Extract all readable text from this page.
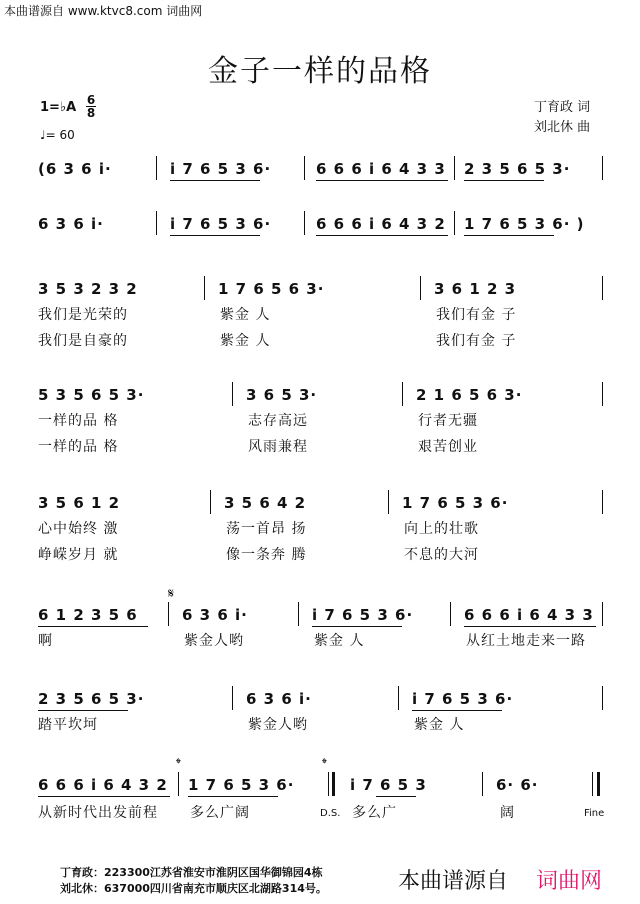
本曲谱源自 www.ktvc8.com 词曲网
金子一样的品格
1=♭A 6
8
♩= 60
丁育政 词
刘北休 曲
(6 3 6 i·	i 7 6 5 3 6·	6 6 6 i 6 4 3 3 2 3 5 6 5 3·
6 3 6 i·	i 7 6 5 3 6·	6 6 6 i 6 4 3 2 1 7 6 5 3 6· )
3 5 3 2 3 2	1 7 6 5 6 3·	3 6 1 2 3
我们是光荣的	紫金 人	我们有金 子
我们是自豪的	紫金 人	我们有金 子
5 3 5 6 5 3·	3 6 5 3·	2 1 6 5 6 3·
一样的品 格	志存高远	行者无疆
一样的品 格	风雨兼程	艰苦创业
3 5 6 1 2	3 5 6 4 2	1 7 6 5 3 6·
心中始终 激	荡一首昂 扬	向上的壮歌
峥嵘岁月 就	像一条奔 腾	不息的大河
𝄋
6 1 2 3 5 6	6 3 6 i·	i 7 6 5 3 6·	6 6 6 i 6 4 3 3
啊	紫金人哟	紫金 人	从红土地走来一路
2 3 5 6 5 3·	6 3 6 i·	i 7 6 5 3 6·
踏平坎坷	紫金人哟	紫金 人
𝄌	𝄌
6 6 6 i 6 4 3 2 1 7 6 5 3 6·	i 7 6 5 3	6· 6·
从新时代出发前程 多么广阔	多么广	阔
D.S.	Fine
丁育政：223300江苏省淮安市淮阴区国华御锦园4栋
刘北休：637000四川省南充市顺庆区北湖路314号。	本曲谱源自 词曲网
